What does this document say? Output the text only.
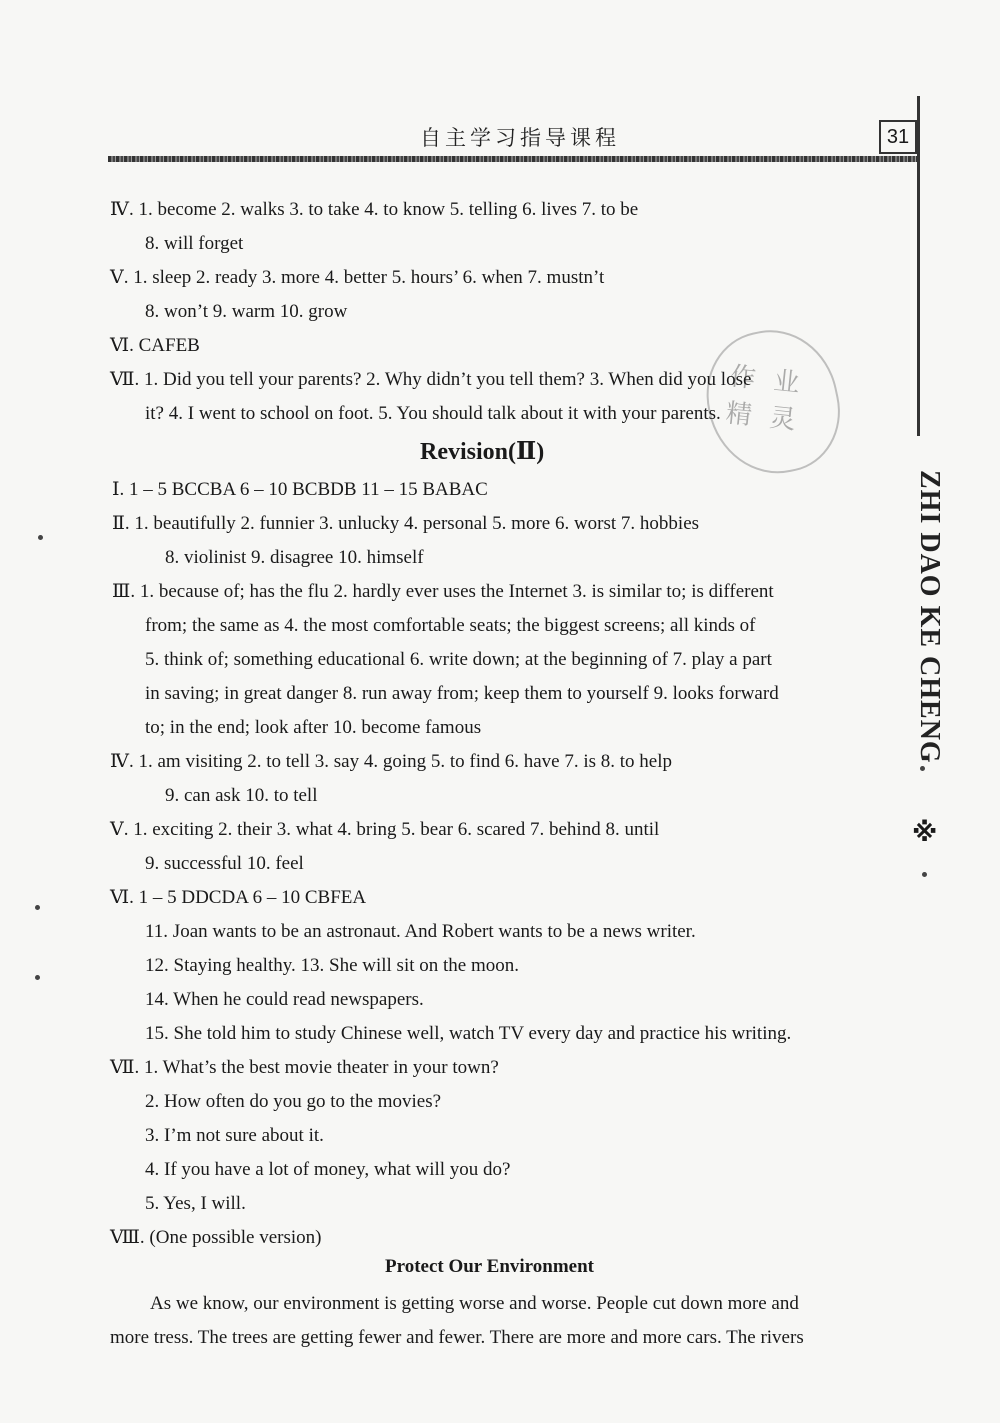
自主学习指导课程	31
ZHI DAO KE CHENG
※
作业精灵
Ⅳ. 1. become 2. walks 3. to take 4. to know 5. telling 6. lives 7. to be
8. will forget
Ⅴ. 1. sleep 2. ready 3. more 4. better 5. hours’ 6. when 7. mustn’t
8. won’t 9. warm 10. grow
Ⅵ. CAFEB
Ⅶ. 1. Did you tell your parents? 2. Why didn’t you tell them? 3. When did you lose
it? 4. I went to school on foot. 5. You should talk about it with your parents.
Revision(Ⅱ)
Ⅰ. 1 – 5 BCCBA 6 – 10 BCBDB 11 – 15 BABAC
Ⅱ. 1. beautifully 2. funnier 3. unlucky 4. personal 5. more 6. worst 7. hobbies
8. violinist 9. disagree 10. himself
Ⅲ. 1. because of; has the flu 2. hardly ever uses the Internet 3. is similar to; is different
from; the same as 4. the most comfortable seats; the biggest screens; all kinds of
5. think of; something educational 6. write down; at the beginning of 7. play a part
in saving; in great danger 8. run away from; keep them to yourself 9. looks forward
to; in the end; look after 10. become famous
Ⅳ. 1. am visiting 2. to tell 3. say 4. going 5. to find 6. have 7. is 8. to help
9. can ask 10. to tell
Ⅴ. 1. exciting 2. their 3. what 4. bring 5. bear 6. scared 7. behind 8. until
9. successful 10. feel
Ⅵ. 1 – 5 DDCDA 6 – 10 CBFEA
11. Joan wants to be an astronaut. And Robert wants to be a news writer.
12. Staying healthy. 13. She will sit on the moon.
14. When he could read newspapers.
15. She told him to study Chinese well, watch TV every day and practice his writing.
Ⅶ. 1. What’s the best movie theater in your town?
2. How often do you go to the movies?
3. I’m not sure about it.
4. If you have a lot of money, what will you do?
5. Yes, I will.
Ⅷ. (One possible version)
Protect Our Environment
As we know, our environment is getting worse and worse. People cut down more and
more tress. The trees are getting fewer and fewer. There are more and more cars. The rivers
